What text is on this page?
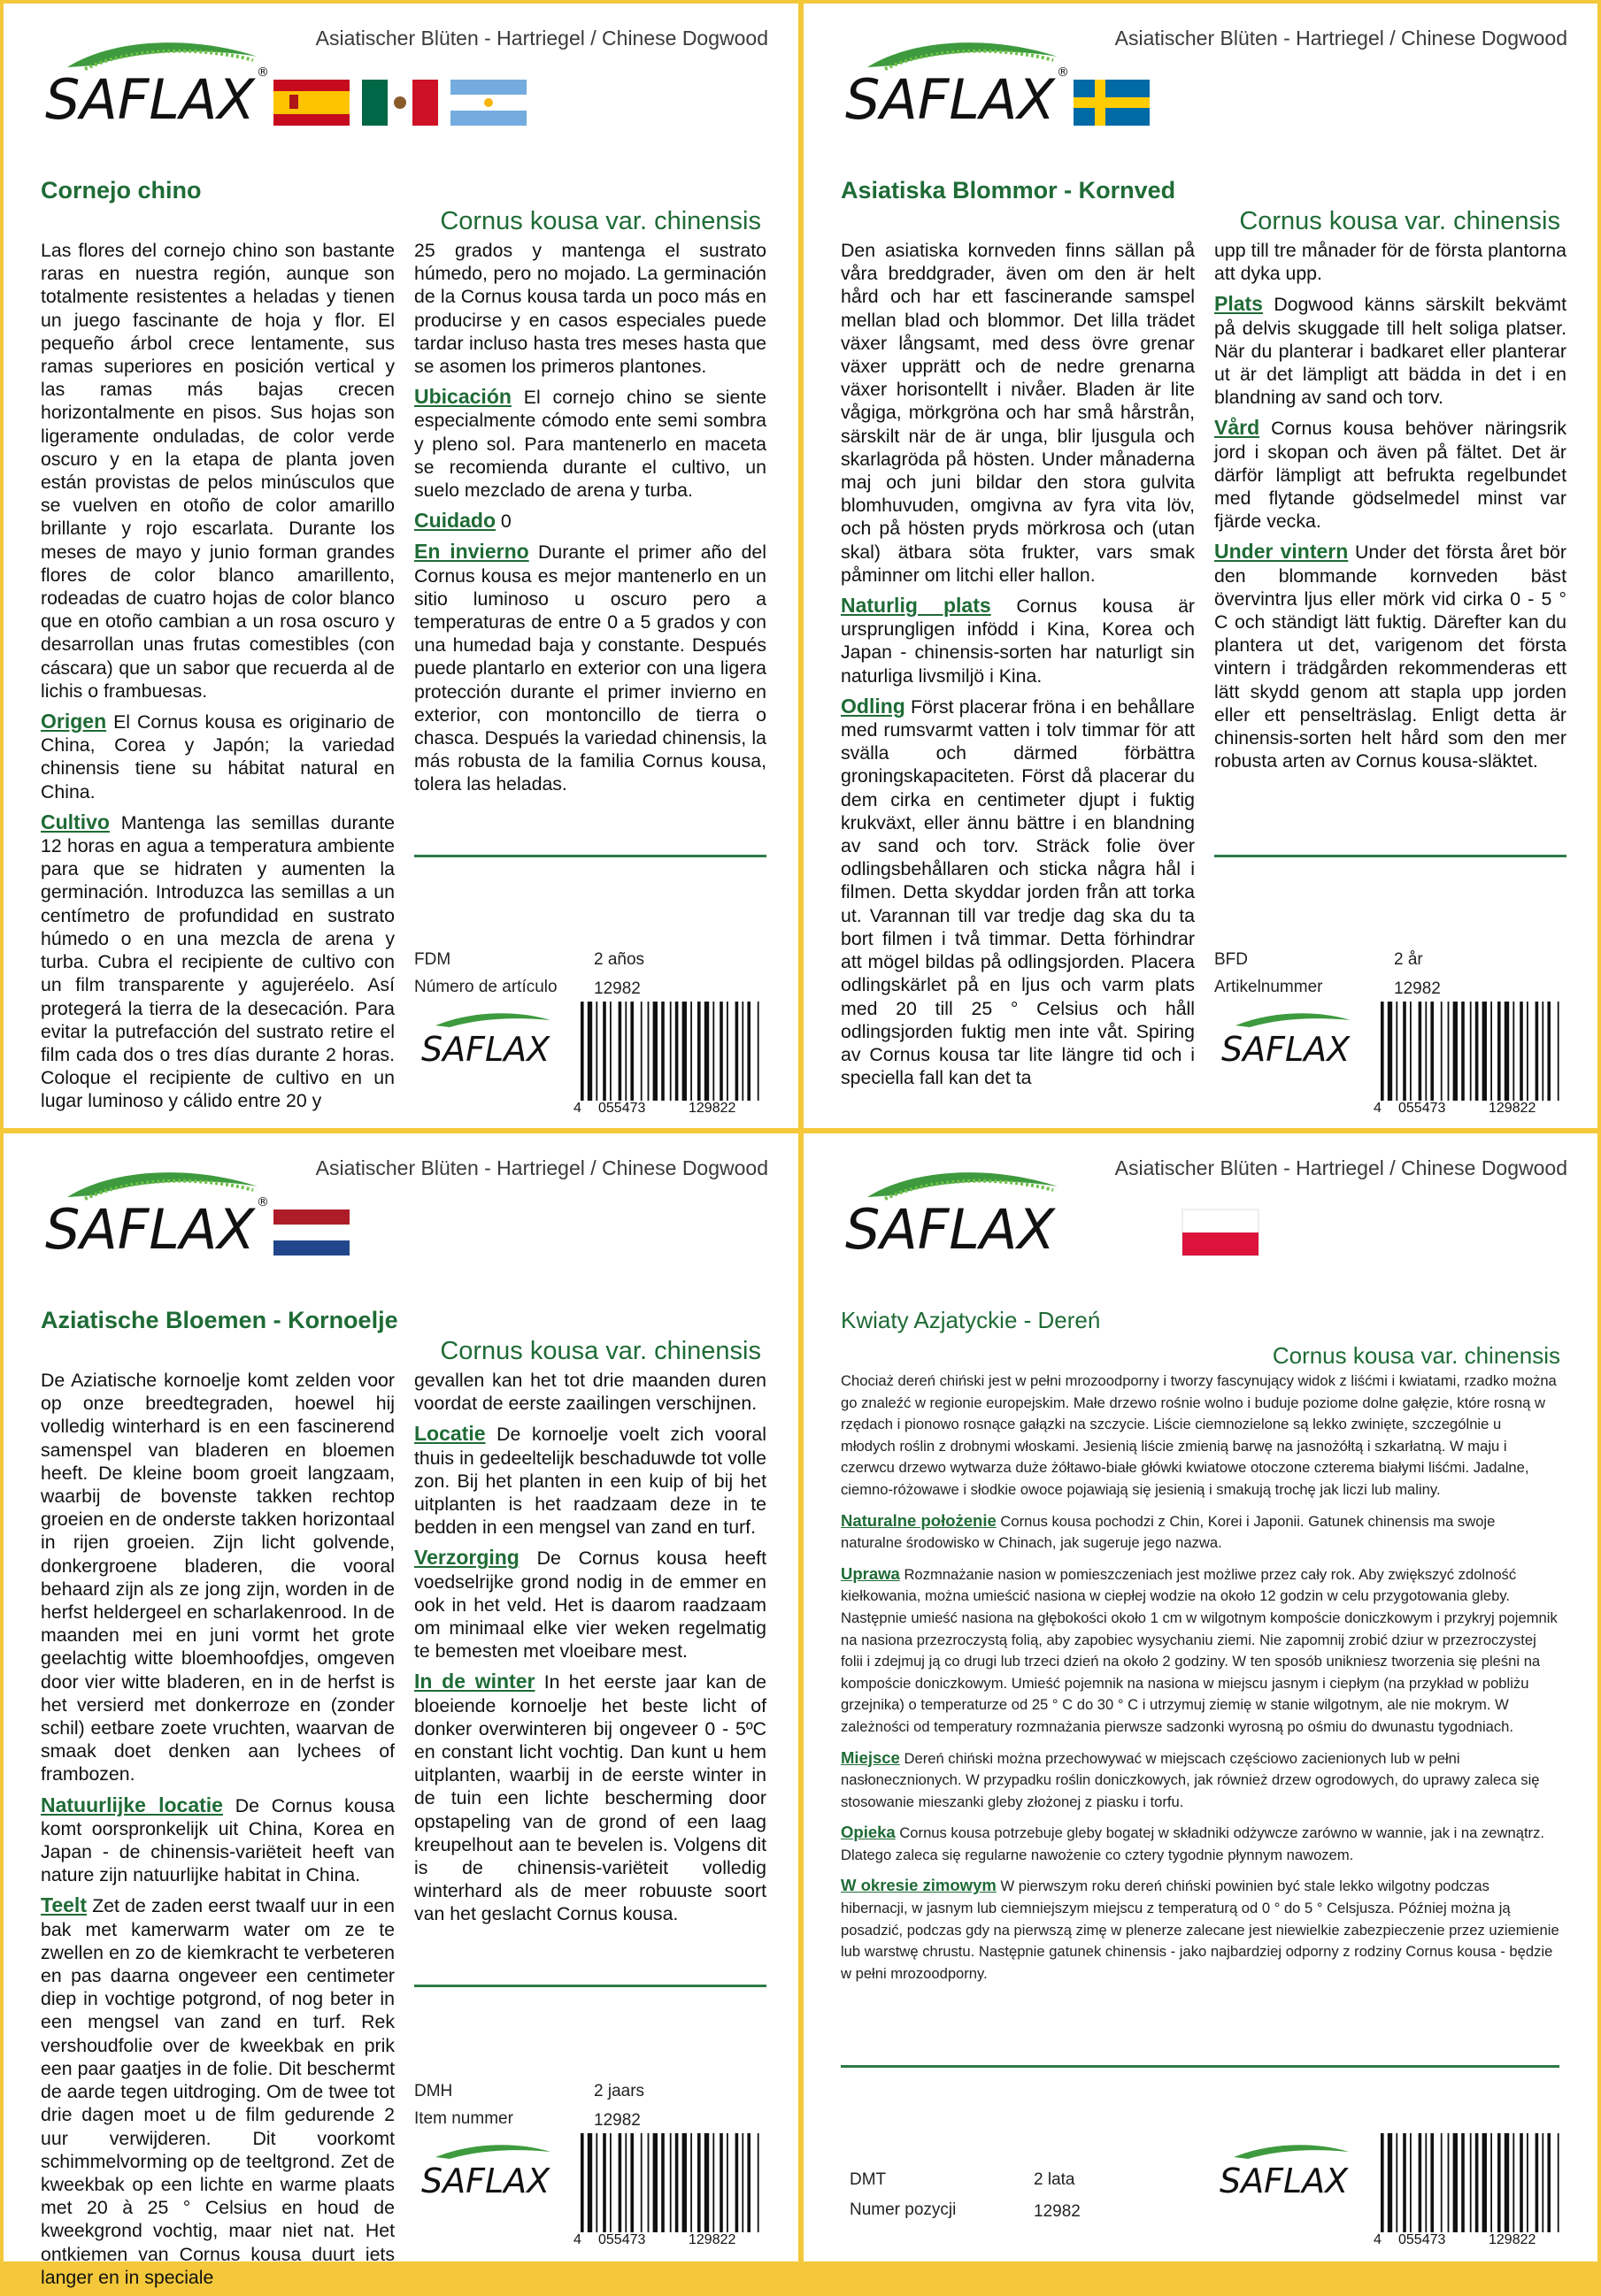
Asiatischer Blüten - Hartriegel / Chinese Dogwood
SAFLAX ®
Cornejo chino
Cornus kousa var. chinensis

Las flores del cornejo chino son bastante raras en nuestra región, aunque son totalmente resistentes a heladas y tienen un juego fascinante de hoja y flor. El pequeño árbol crece lentamente, sus ramas superiores en posición vertical y las ramas más bajas crecen horizontalmente en pisos. Sus hojas son ligeramente onduladas, de color verde oscuro y en la etapa de planta joven están provistas de pelos minúsculos que se vuelven en otoño de color amarillo brillante y rojo escarlata. Durante los meses de mayo y junio forman grandes flores de color blanco amarillento, rodeadas de cuatro hojas de color blanco que en otoño cambian a un rosa oscuro y desarrollan unas frutas comestibles (con cáscara) que un sabor que recuerda al de lichis o frambuesas.

Origen El Cornus kousa es originario de China, Corea y Japón; la variedad chinensis tiene su hábitat natural en China.

Cultivo Mantenga las semillas durante 12 horas en agua a temperatura ambiente para que se hidraten y aumenten la germinación. Introduzca las semillas a un centímetro de profundidad en sustrato húmedo o en una mezcla de arena y turba. Cubra el recipiente de cultivo con un film transparente y agujeréelo. Así protegerá la tierra de la desecación. Para evitar la putrefacción del sustrato retire el film cada dos o tres días durante 2 horas. Coloque el recipiente de cultivo en un lugar luminoso y cálido entre 20 y

25 grados y mantenga el sustrato húmedo, pero no mojado. La germinación de la Cornus kousa tarda un poco más en producirse y en casos especiales puede tardar incluso hasta tres meses hasta que se asomen los primeros plantones.

Ubicación El cornejo chino se siente especialmente cómodo ente semi sombra y pleno sol. Para mantenerlo en maceta se recomienda durante el cultivo, un suelo mezclado de arena y turba.

Cuidado 0

En invierno Durante el primer año del Cornus kousa es mejor mantenerlo en un sitio luminoso u oscuro pero a temperaturas de entre 0 a 5 grados y con una humedad baja y constante. Después puede plantarlo en exterior con una ligera protección durante el primer invierno en exterior, con montoncillo de tierra o chasca. Después la variedad chinensis, la más robusta de la familia Cornus kousa, tolera las heladas.

FDM	2 años
Número de artículo 12982
SAFLAX
4 055473	129822
Asiatischer Blüten - Hartriegel / Chinese Dogwood
SAFLAX ®
Asiatiska Blommor - Kornved
Cornus kousa var. chinensis

Den asiatiska kornveden finns sällan på våra breddgrader, även om den är helt hård och har ett fascinerande samspel mellan blad och blommor. Det lilla trädet växer långsamt, med dess övre grenar växer upprätt och de nedre grenarna växer horisontellt i nivåer. Bladen är lite vågiga, mörkgröna och har små hårstrån, särskilt när de är unga, blir ljusgula och skarlagröda på hösten. Under månaderna maj och juni bildar den stora gulvita blomhuvuden, omgivna av fyra vita löv, och på hösten pryds mörkrosa och (utan skal) ätbara söta frukter, vars smak påminner om litchi eller hallon.

Naturlig plats Cornus kousa är ursprungligen infödd i Kina, Korea och Japan - chinensis-sorten har naturligt sin naturliga livsmiljö i Kina.

Odling Först placerar fröna i en behållare med rumsvarmt vatten i tolv timmar för att svälla och därmed förbättra groningskapaciteten. Först då placerar du dem cirka en centimeter djupt i fuktig krukväxt, eller ännu bättre i en blandning av sand och torv. Sträck folie över odlingsbehållaren och sticka några hål i filmen. Detta skyddar jorden från att torka ut. Varannan till var tredje dag ska du ta bort filmen i två timmar. Detta förhindrar att mögel bildas på odlingsjorden. Placera odlingskärlet på en ljus och varm plats med 20 till 25 ° Celsius och håll odlingsjorden fuktig men inte våt. Spiring av Cornus kousa tar lite längre tid och i speciella fall kan det ta

upp till tre månader för de första plantorna att dyka upp.

Plats Dogwood känns särskilt bekvämt på delvis skuggade till helt soliga platser. När du planterar i badkaret eller planterar ut är det lämpligt att bädda in det i en blandning av sand och torv.

Vård Cornus kousa behöver näringsrik jord i skopan och även på fältet. Det är därför lämpligt att befrukta regelbundet med flytande gödselmedel minst var fjärde vecka.

Under vintern Under det första året bör den blommande kornveden bäst övervintra ljus eller mörk vid cirka 0 - 5 ° C och ständigt lätt fuktig. Därefter kan du plantera ut det, varigenom det första vintern i trädgården rekommenderas ett lätt skydd genom att stapla upp jorden eller ett penselträslag. Enligt detta är chinensis-sorten helt hård som den mer robusta arten av Cornus kousa-släktet.

BFD	2 år
Artikelnummer	12982
SAFLAX
4 055473	129822
Asiatischer Blüten - Hartriegel / Chinese Dogwood
SAFLAX ®
Aziatische Bloemen - Kornoelje
Cornus kousa var. chinensis

De Aziatische kornoelje komt zelden voor op onze breedtegraden, hoewel hij volledig winterhard is en een fascinerend samenspel van bladeren en bloemen heeft. De kleine boom groeit langzaam, waarbij de bovenste takken rechtop groeien en de onderste takken horizontaal in rijen groeien. Zijn licht golvende, donkergroene bladeren, die vooral behaard zijn als ze jong zijn, worden in de herfst heldergeel en scharlakenrood. In de maanden mei en juni vormt het grote geelachtig witte bloemhoofdjes, omgeven door vier witte bladeren, en in de herfst is het versierd met donkerroze en (zonder schil) eetbare zoete vruchten, waarvan de smaak doet denken aan lychees of frambozen.

Natuurlijke locatie De Cornus kousa komt oorspronkelijk uit China, Korea en Japan - de chinensis-variëteit heeft van nature zijn natuurlijke habitat in China.

Teelt Zet de zaden eerst twaalf uur in een bak met kamerwarm water om ze te zwellen en zo de kiemkracht te verbeteren en pas daarna ongeveer een centimeter diep in vochtige potgrond, of nog beter in een mengsel van zand en turf. Rek vershoudfolie over de kweekbak en prik een paar gaatjes in de folie. Dit beschermt de aarde tegen uitdroging. Om de twee tot drie dagen moet u de film gedurende 2 uur verwijderen. Dit voorkomt schimmelvorming op de teeltgrond. Zet de kweekbak op een lichte en warme plaats met 20 à 25 ° Celsius en houd de kweekgrond vochtig, maar niet nat. Het ontkiemen van Cornus kousa duurt iets langer en in speciale

gevallen kan het tot drie maanden duren voordat de eerste zaailingen verschijnen.

Locatie De kornoelje voelt zich vooral thuis in gedeeltelijk beschaduwde tot volle zon. Bij het planten in een kuip of bij het uitplanten is het raadzaam deze in te bedden in een mengsel van zand en turf.

Verzorging De Cornus kousa heeft voedselrijke grond nodig in de emmer en ook in het veld. Het is daarom raadzaam om minimaal elke vier weken regelmatig te bemesten met vloeibare mest.

In de winter In het eerste jaar kan de bloeiende kornoelje het beste licht of donker overwinteren bij ongeveer 0 - 5ºC en constant licht vochtig. Dan kunt u hem uitplanten, waarbij in de eerste winter in de tuin een lichte bescherming door opstapeling van de grond of een laag kreupelhout aan te bevelen is. Volgens dit is de chinensis-variëteit volledig winterhard als de meer robuuste soort van het geslacht Cornus kousa.

DMH	2 jaars
Item nummer	12982
SAFLAX
4 055473	129822
Asiatischer Blüten - Hartriegel / Chinese Dogwood
SAFLAX
Kwiaty Azjatyckie - Dereń
Cornus kousa var. chinensis

Chociaż dereń chiński jest w pełni mrozoodporny i tworzy fascynujący widok z liśćmi i kwiatami, rzadko można go znaleźć w regionie europejskim. Małe drzewo rośnie wolno i buduje poziome dolne gałęzie, które rosną w rzędach i pionowo rosnące gałązki na szczycie. Liście ciemnozielone są lekko zwinięte, szczególnie u młodych roślin z drobnymi włoskami. Jesienią liście zmienią barwę na jasnożółtą i szkarłatną. W maju i czerwcu drzewo wytwarza duże żółtawo-białe główki kwiatowe otoczone czterema białymi liśćmi. Jadalne, ciemno-różowawe i słodkie owoce pojawiają się jesienią i smakują trochę jak liczi lub maliny.

Naturalne położenie Cornus kousa pochodzi z Chin, Korei i Japonii. Gatunek chinensis ma swoje naturalne środowisko w Chinach, jak sugeruje jego nazwa.

Uprawa Rozmnażanie nasion w pomieszczeniach jest możliwe przez cały rok. Aby zwiększyć zdolność kiełkowania, można umieścić nasiona w ciepłej wodzie na około 12 godzin w celu przygotowania gleby. Następnie umieść nasiona na głębokości około 1 cm w wilgotnym kompoście doniczkowym i przykryj pojemnik na nasiona przezroczystą folią, aby zapobiec wysychaniu ziemi. Nie zapomnij zrobić dziur w przezroczystej folii i zdejmuj ją co drugi lub trzeci dzień na około 2 godziny. W ten sposób unikniesz tworzenia się pleśni na kompoście doniczkowym. Umieść pojemnik na nasiona w miejscu jasnym i ciepłym (na przykład w pobliżu grzejnika) o temperaturze od 25 ° C do 30 ° C i utrzymuj ziemię w stanie wilgotnym, ale nie mokrym. W zależności od temperatury rozmnażania pierwsze sadzonki wyrosną po ośmiu do dwunastu tygodniach.

Miejsce Dereń chiński można przechowywać w miejscach częściowo zacienionych lub w pełni nasłonecznionych. W przypadku roślin doniczkowych, jak również drzew ogrodowych, do uprawy zaleca się stosowanie mieszanki gleby złożonej z piasku i torfu.

Opieka Cornus kousa potrzebuje gleby bogatej w składniki odżywcze zarówno w wannie, jak i na zewnątrz. Dlatego zaleca się regularne nawożenie co cztery tygodnie płynnym nawozem.

W okresie zimowym W pierwszym roku dereń chiński powinien być stale lekko wilgotny podczas hibernacji, w jasnym lub ciemniejszym miejscu z temperaturą od 0 ° do 5 ° Celsjusza. Później można ją posadzić, podczas gdy na pierwszą zimę w plenerze zalecane jest niewielkie zabezpieczenie przez uziemienie lub warstwę chrustu. Następnie gatunek chinensis - jako najbardziej odporny z rodziny Cornus kousa - będzie w pełni mrozoodporny.

DMT	2 lata
Numer pozycji	12982
SAFLAX
4 055473	129822
